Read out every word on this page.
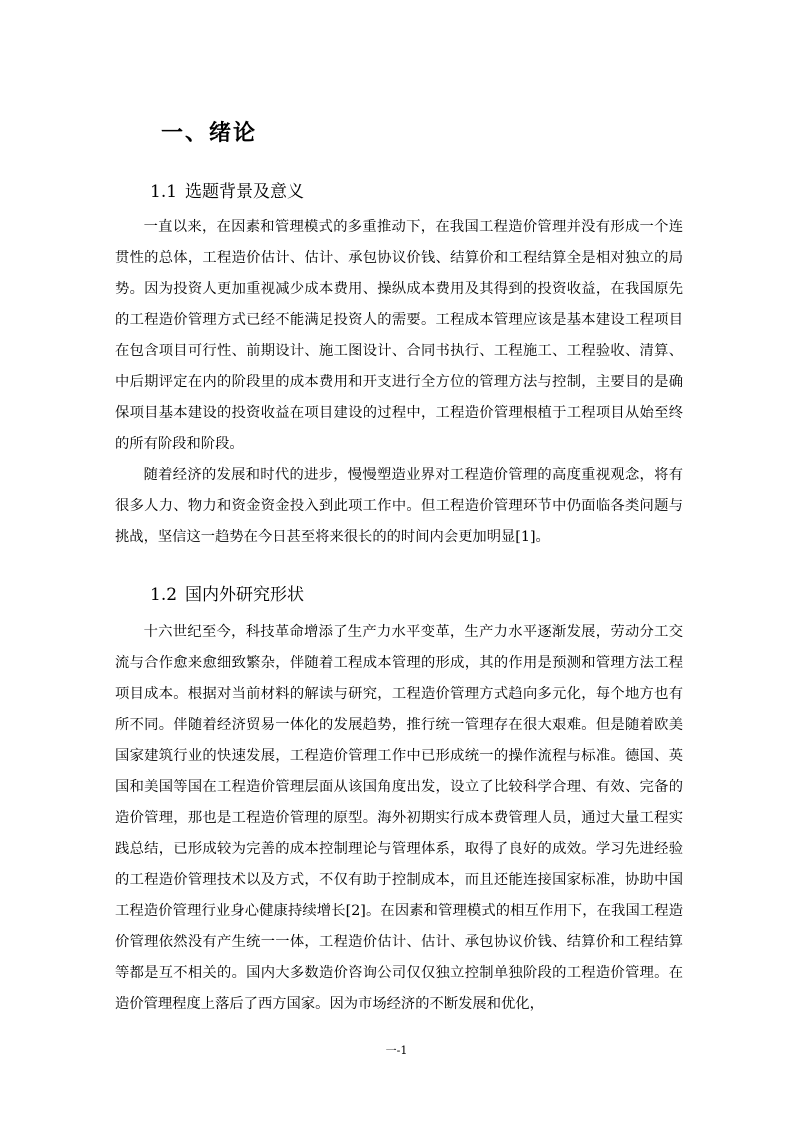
一、绪论
1.1 选题背景及意义

一直以来，在因素和管理模式的多重推动下，在我国工程造价管理并没有形成一个连贯性的总体，工程造价估计、估计、承包协议价钱、结算价和工程结算全是相对独立的局势。因为投资人更加重视减少成本费用、操纵成本费用及其得到的投资收益，在我国原先的工程造价管理方式已经不能满足投资人的需要。工程成本管理应该是基本建设工程项目在包含项目可行性、前期设计、施工图设计、合同书执行、工程施工、工程验收、清算、中后期评定在内的阶段里的成本费用和开支进行全方位的管理方法与控制，主要目的是确保项目基本建设的投资收益在项目建设的过程中，工程造价管理根植于工程项目从始至终的所有阶段和阶段。

随着经济的发展和时代的进步，慢慢塑造业界对工程造价管理的高度重视观念，将有很多人力、物力和资金资金投入到此项工作中。但工程造价管理环节中仍面临各类问题与挑战，坚信这一趋势在今日甚至将来很长的的时间内会更加明显[1]。

1.2 国内外研究形状

十六世纪至今，科技革命增添了生产力水平变革，生产力水平逐渐发展，劳动分工交流与合作愈来愈细致繁杂，伴随着工程成本管理的形成，其的作用是预测和管理方法工程项目成本。根据对当前材料的解读与研究，工程造价管理方式趋向多元化，每个地方也有所不同。伴随着经济贸易一体化的发展趋势，推行统一管理存在很大艰难。但是随着欧美国家建筑行业的快速发展，工程造价管理工作中已形成统一的操作流程与标准。德国、英国和美国等国在工程造价管理层面从该国角度出发，设立了比较科学合理、有效、完备的造价管理，那也是工程造价管理的原型。海外初期实行成本费管理人员，通过大量工程实践总结，已形成较为完善的成本控制理论与管理体系，取得了良好的成效。学习先进经验的工程造价管理技术以及方式，不仅有助于控制成本，而且还能连接国家标准，协助中国工程造价管理行业身心健康持续增长[2]。在因素和管理模式的相互作用下，在我国工程造价管理依然没有产生统一一体，工程造价估计、估计、承包协议价钱、结算价和工程结算等都是互不相关的。国内大多数造价咨询公司仅仅独立控制单独阶段的工程造价管理。在造价管理程度上落后了西方国家。因为市场经济的不断发展和优化，

一-1
